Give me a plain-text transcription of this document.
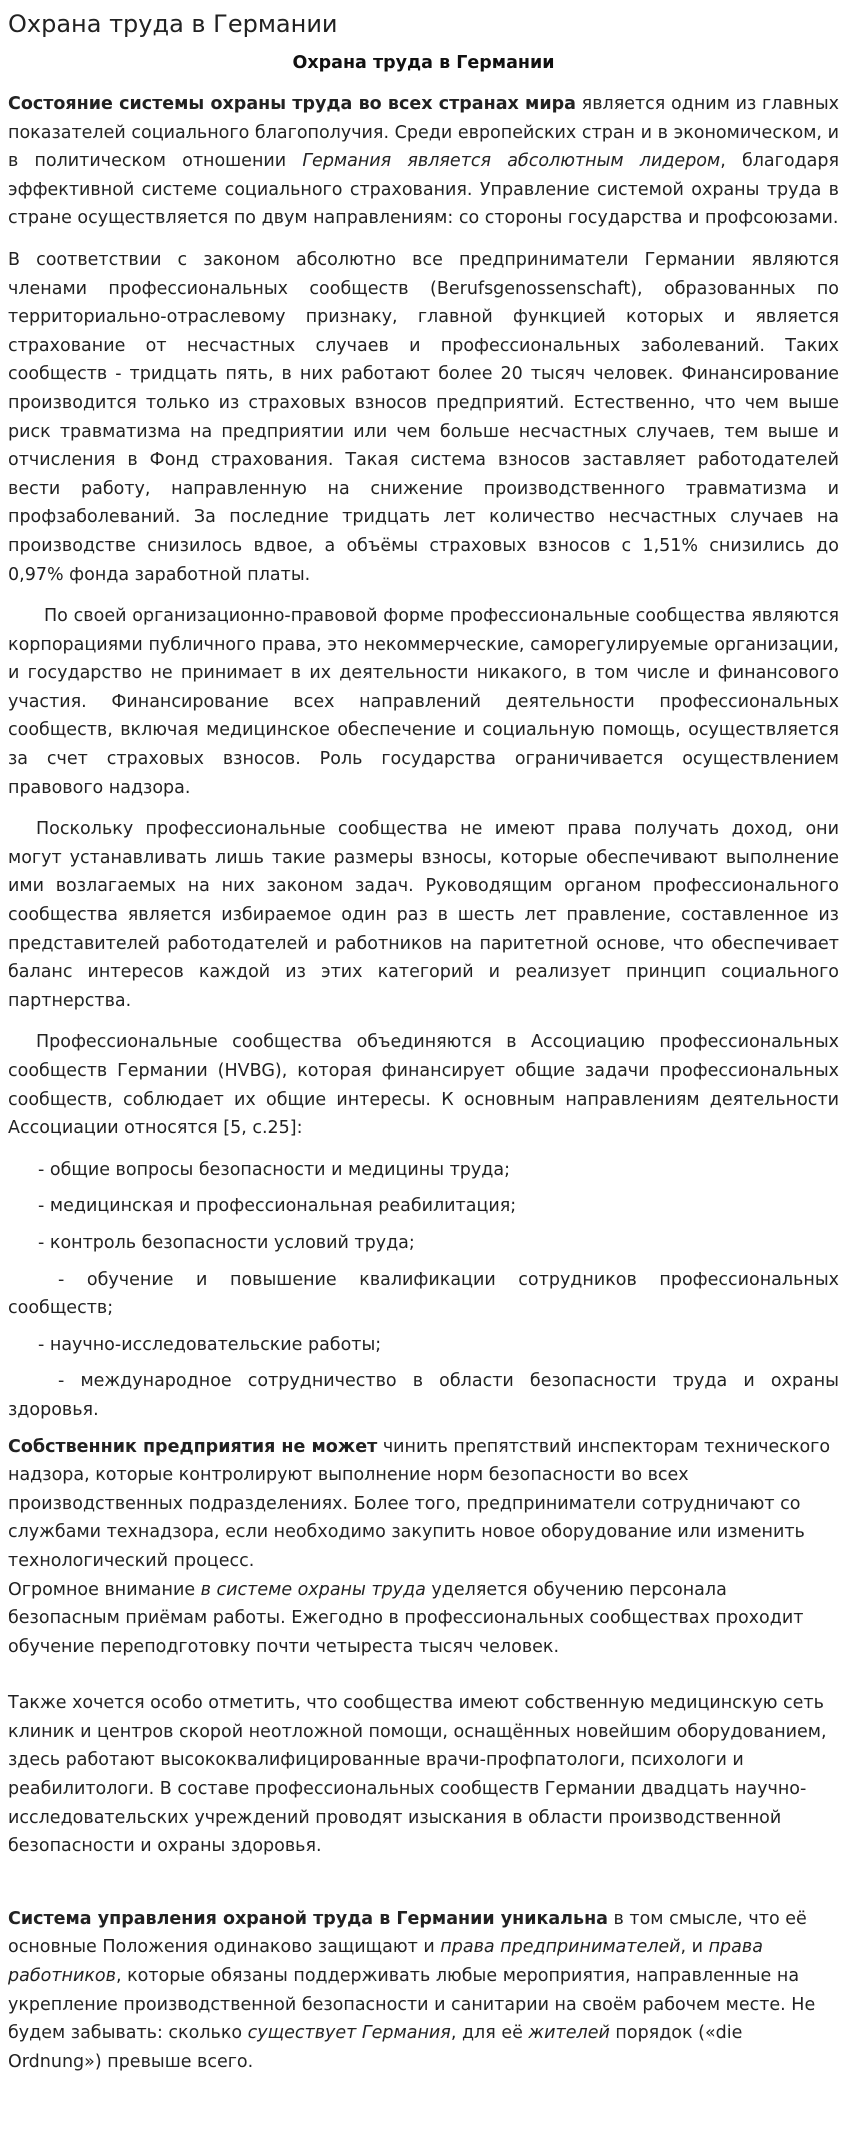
Охрана труда в Германии
Охрана труда в Германии

Состояние системы охраны труда во всех странах мира является одним из главных показателей социального благополучия. Среди европейских стран и в экономическом, и в политическом отношении Германия является абсолютным лидером, благодаря эффективной системе социального страхования. Управление системой охраны труда в стране осуществляется по двум направлениям: со стороны государства и профсоюзами.

В соответствии с законом абсолютно все предприниматели Германии являются членами профессиональных сообществ (Berufsgenossenschaft), образованных по территориально-отраслевому признаку, главной функцией которых и является страхование от несчастных случаев и профессиональных заболеваний. Таких сообществ - тридцать пять, в них работают более 20 тысяч человек. Финансирование производится только из страховых взносов предприятий. Естественно, что чем выше риск травматизма на предприятии или чем больше несчастных случаев, тем выше и отчисления в Фонд страхования. Такая система взносов заставляет работодателей вести работу, направленную на снижение производственного травматизма и профзаболеваний. За последние тридцать лет количество несчастных случаев на производстве снизилось вдвое, а объёмы страховых взносов с 1,51% снизились до 0,97% фонда заработной платы.

По своей организационно-правовой форме профессиональные сообщества являются корпорациями публичного права, это некоммерческие, саморегулируемые организации, и государство не принимает в их деятельности никакого, в том числе и финансового участия. Финансирование всех направлений деятельности профессиональных сообществ, включая медицинское обеспечение и социальную помощь, осуществляется за счет страховых взносов. Роль государства ограничивается осуществлением правового надзора.

Поскольку профессиональные сообщества не имеют права получать доход, они могут устанавливать лишь такие размеры взносы, которые обеспечивают выполнение ими возлагаемых на них законом задач. Руководящим органом профессионального сообщества является избираемое один раз в шесть лет правление, составленное из представителей работодателей и работников на паритетной основе, что обеспечивает баланс интересов каждой из этих категорий и реализует принцип социального партнерства.

Профессиональные сообщества объединяются в Ассоциацию профессиональных сообществ Германии (HVBG), которая финансирует общие задачи профессиональных сообществ, соблюдает их общие интересы. К основным направлениям деятельности Ассоциации относятся [5, с.25]:

- общие вопросы безопасности и медицины труда;

- медицинская и профессиональная реабилитация;

- контроль безопасности условий труда;

- обучение и повышение квалификации сотрудников профессиональных сообществ;

- научно-исследовательские работы;

- международное сотрудничество в области безопасности труда и охраны здоровья.

Собственник предприятия не может чинить препятствий инспекторам технического надзора, которые контролируют выполнение норм безопасности во всех производственных подразделениях. Более того, предприниматели сотрудничают со службами технадзора, если необходимо закупить новое оборудование или изменить технологический процесс.
Огромное внимание в системе охраны труда уделяется обучению персонала безопасным приёмам работы. Ежегодно в профессиональных сообществах проходит обучение переподготовку почти четыреста тысяч человек.

Также хочется особо отметить, что сообщества имеют собственную медицинскую сеть клиник и центров скорой неотложной помощи, оснащённых новейшим оборудованием, здесь работают высококвалифицированные врачи-профпатологи, психологи и реабилитологи. В составе профессиональных сообществ Германии двадцать научно-исследовательских учреждений проводят изыскания в области производственной безопасности и охраны здоровья.

Система управления охраной труда в Германии уникальна в том смысле, что её основные Положения одинаково защищают и права предпринимателей, и права работников, которые обязаны поддерживать любые мероприятия, направленные на укрепление производственной безопасности и санитарии на своём рабочем месте. Не будем забывать: сколько существует Германия, для её жителей порядок («die Ordnung») превыше всего.
